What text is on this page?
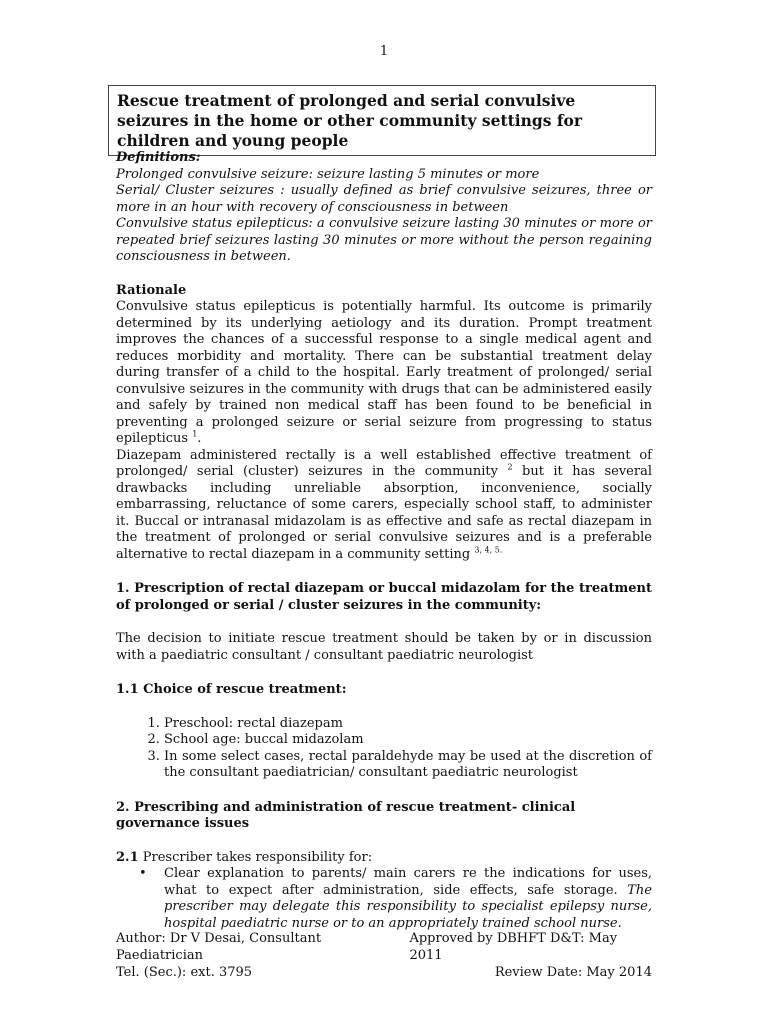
1
Rescue treatment of prolonged and serial convulsive seizures in the home or other community settings for children and young people

Definitions:

Prolonged convulsive seizure: seizure lasting 5 minutes or more

Serial/ Cluster seizures : usually defined as brief convulsive seizures, three or more in an hour with recovery of consciousness in between

Convulsive status epilepticus: a convulsive seizure lasting 30 minutes or more or repeated brief seizures lasting 30 minutes or more without the person regaining consciousness in between.

Rationale

Convulsive status epilepticus is potentially harmful. Its outcome is primarily determined by its underlying aetiology and its duration. Prompt treatment improves the chances of a successful response to a single medical agent and reduces morbidity and mortality. There can be substantial treatment delay during transfer of a child to the hospital. Early treatment of prolonged/ serial convulsive seizures in the community with drugs that can be administered easily and safely by trained non medical staff has been found to be beneficial in preventing a prolonged seizure or serial seizure from progressing to status epilepticus $^1$.

Diazepam administered rectally is a well established effective treatment of prolonged/ serial (cluster) seizures in the community $^2$ but it has several drawbacks including unreliable absorption, inconvenience, socially embarrassing, reluctance of some carers, especially school staff, to administer it. Buccal or intranasal midazolam is as effective and safe as rectal diazepam in the treatment of prolonged or serial convulsive seizures and is a preferable alternative to rectal diazepam in a community setting $^{3, 4, 5.}$

1. Prescription of rectal diazepam or buccal midazolam for the treatment of prolonged or serial / cluster seizures in the community:

The decision to initiate rescue treatment should be taken by or in discussion with a paediatric consultant / consultant paediatric neurologist

1.1 Choice of rescue treatment:

1. Preschool: rectal diazepam
2. School age: buccal midazolam
3. In some select cases, rectal paraldehyde may be used at the discretion of the consultant paediatrician/ consultant paediatric neurologist

2. Prescribing and administration of rescue treatment- clinical governance issues

2.1 Prescriber takes responsibility for:

• Clear explanation to parents/ main carers re the indications for uses, what to expect after administration, side effects, safe storage. The prescriber may delegate this responsibility to specialist epilepsy nurse, hospital paediatric nurse or to an appropriately trained school nurse.
Author: Dr V Desai, Consultant Paediatrician
Approved by DBHFT D&T: May 2011
Tel. (Sec.): ext. 3795	Review Date: May 2014
